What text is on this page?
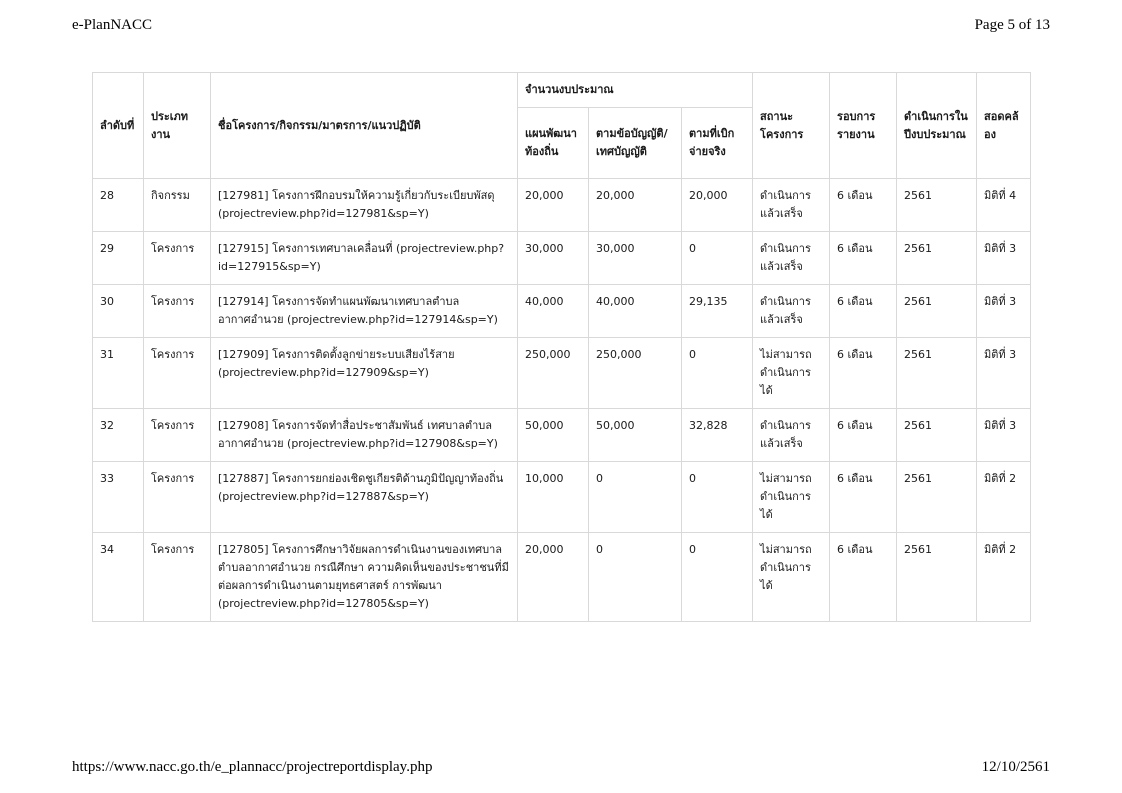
e-PlanNACC	Page 5 of 13
ลำดับที่	ประเภทงาน	ชื่อโครงการ/กิจกรรม/มาตรการ/แนวปฏิบัติ	จำนวนงบประมาณ			สถานะโครงการ	รอบการรายงาน	ดำเนินการในปีงบประมาณ	สอดคล้อง
			แผนพัฒนาท้องถิ่น	ตามข้อบัญญัติ/เทศบัญญัติ	ตามที่เบิกจ่ายจริง				
28	กิจกรรม	[127981] โครงการฝึกอบรมให้ความรู้เกี่ยวกับระเบียบพัสดุ (projectreview.php?id=127981&sp=Y)	20,000	20,000	20,000	ดำเนินการแล้วเสร็จ	6 เดือน	2561	มิติที่ 4
29	โครงการ	[127915] โครงการเทศบาลเคลื่อนที่ (projectreview.php?id=127915&sp=Y)	30,000	30,000	0	ดำเนินการแล้วเสร็จ	6 เดือน	2561	มิติที่ 3
30	โครงการ	[127914] โครงการจัดทำแผนพัฒนาเทศบาลตำบลอากาศอำนวย (projectreview.php?id=127914&sp=Y)	40,000	40,000	29,135	ดำเนินการแล้วเสร็จ	6 เดือน	2561	มิติที่ 3
31	โครงการ	[127909] โครงการติดตั้งลูกข่ายระบบเสียงไร้สาย (projectreview.php?id=127909&sp=Y)	250,000	250,000	0	ไม่สามารถดำเนินการได้	6 เดือน	2561	มิติที่ 3
32	โครงการ	[127908] โครงการจัดทำสื่อประชาสัมพันธ์ เทศบาลตำบลอากาศอำนวย (projectreview.php?id=127908&sp=Y)	50,000	50,000	32,828	ดำเนินการแล้วเสร็จ	6 เดือน	2561	มิติที่ 3
33	โครงการ	[127887] โครงการยกย่องเชิดชูเกียรติด้านภูมิปัญญาท้องถิ่น (projectreview.php?id=127887&sp=Y)	10,000	0	0	ไม่สามารถดำเนินการได้	6 เดือน	2561	มิติที่ 2
34	โครงการ	[127805] โครงการศึกษาวิจัยผลการดำเนินงานของเทศบาลตำบลอากาศอำนวย กรณีศึกษา ความคิดเห็นของประชาชนที่มีต่อผลการดำเนินงานตามยุทธศาสตร์ การพัฒนา (projectreview.php?id=127805&sp=Y)	20,000	0	0	ไม่สามารถดำเนินการได้	6 เดือน	2561	มิติที่ 2
https://www.nacc.go.th/e_plannacc/projectreportdisplay.php	12/10/2561
